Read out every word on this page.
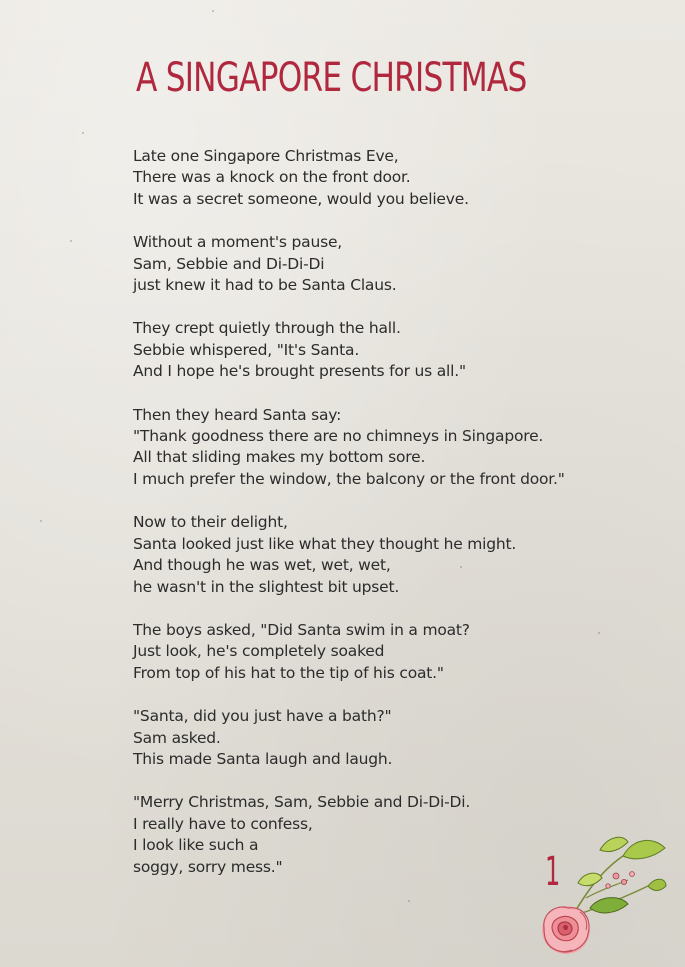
A SINGAPORE CHRISTMAS
Late one Singapore Christmas Eve,
There was a knock on the front door.
It was a secret someone, would you believe.
Without a moment's pause,
Sam, Sebbie and Di-Di-Di
just knew it had to be Santa Claus.
They crept quietly through the hall.
Sebbie whispered, "It's Santa.
And I hope he's brought presents for us all."
Then they heard Santa say:
"Thank goodness there are no chimneys in Singapore.
All that sliding makes my bottom sore.
I much prefer the window, the balcony or the front door."
Now to their delight,
Santa looked just like what they thought he might.
And though he was wet, wet, wet,
he wasn't in the slightest bit upset.
The boys asked, "Did Santa swim in a moat?
Just look, he's completely soaked
From top of his hat to the tip of his coat."
"Santa, did you just have a bath?"
Sam asked.
This made Santa laugh and laugh.
"Merry Christmas, Sam, Sebbie and Di-Di-Di.
I really have to confess,
I look like such a
soggy, sorry mess."	1
